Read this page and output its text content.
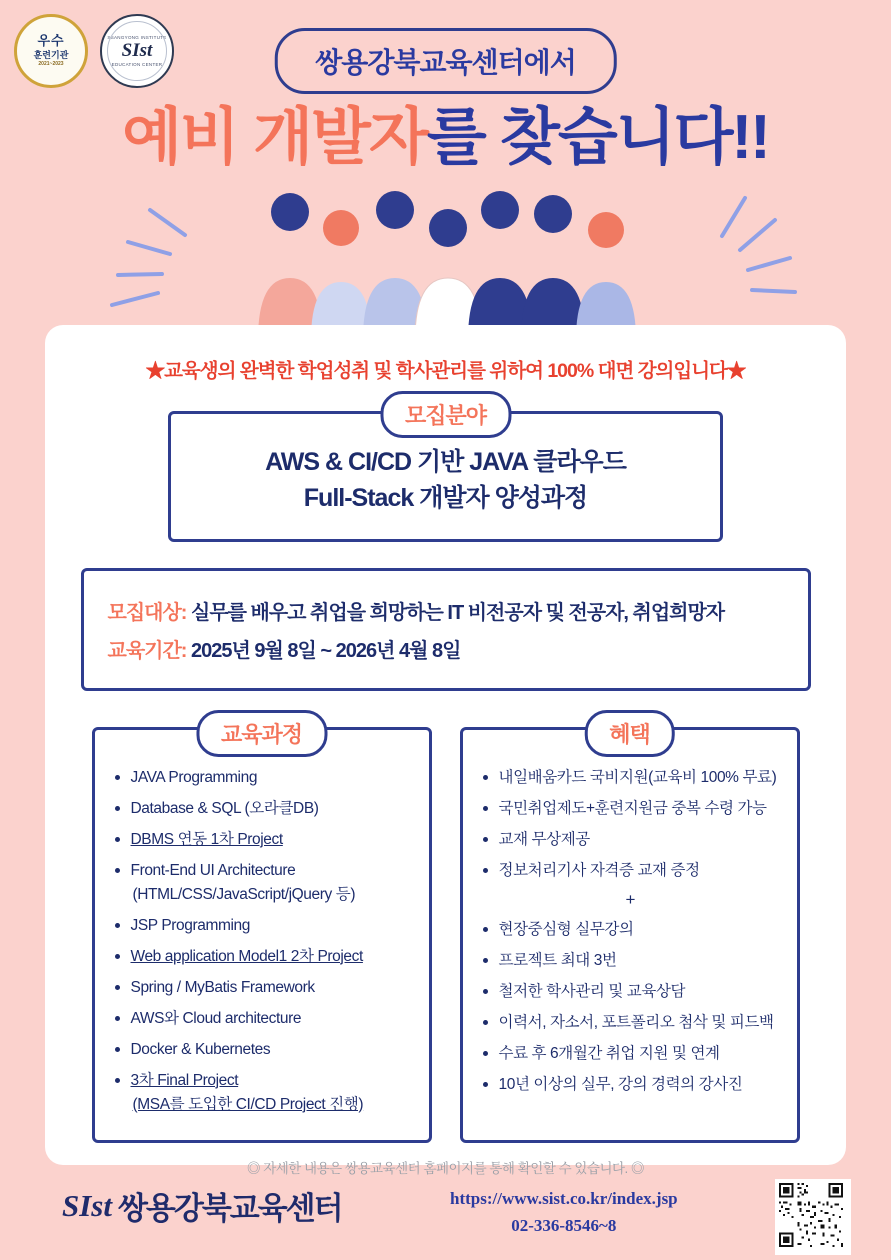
우수
훈련기관
2021~2023
SSANGYONG INSTITUTE
SIst
EDUCATION CENTER	쌍용강북교육센터에서
예비 개발자를 찾습니다!!
★교육생의 완벽한 학업성취 및 학사관리를 위하여 100% 대면 강의입니다★
모집분야
AWS & CI/CD 기반 JAVA 클라우드
Full-Stack 개발자 양성과정
모집대상: 실무를 배우고 취업을 희망하는 IT 비전공자 및 전공자, 취업희망자
교육기간: 2025년 9월 8일 ~ 2026년 4월 8일
교육과정
JAVA Programming
Database & SQL (오라클DB)
DBMS 연동 1차 Project
Front-End UI Architecture
(HTML/CSS/JavaScript/jQuery 등)
JSP Programming
Web application Model1 2차 Project
Spring / MyBatis Framework
AWS와 Cloud architecture
Docker & Kubernetes
3차 Final Project
(MSA를 도입한 CI/CD Project 진행)
혜택
내일배움카드 국비지원(교육비 100% 무료)
국민취업제도+훈련지원금 중복 수령 가능
교재 무상제공
정보처리기사 자격증 교재 증정
+
현장중심형 실무강의
프로젝트 최대 3번
철저한 학사관리 및 교육상담
이력서, 자소서, 포트폴리오 첨삭 및 피드백
수료 후 6개월간 취업 지원 및 연계
10년 이상의 실무, 강의 경력의 강사진
◎ 자세한 내용은 쌍용교육센터 홈페이지를 통해 확인할 수 있습니다. ◎
SIst 쌍용강북교육센터	https://www.sist.co.kr/index.jsp
02-336-8546~8
